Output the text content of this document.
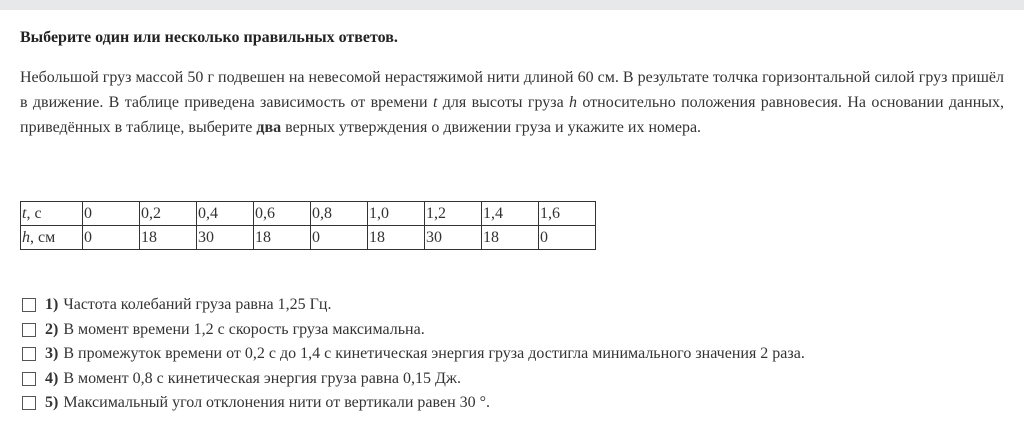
Выберите один или несколько правильных ответов.
Небольшой груз массой 50 г подвешен на невесомой нерастяжимой нити длиной 60 см. В результате толчка горизонтальной силой груз пришёл в движение. В таблице приведена зависимость от времени t для высоты груза h относительно положения равновесия. На основании данных, приведённых в таблице, выберите два верных утверждения о движении груза и укажите их номера.
t, с	0	0,2	0,4	0,6	0,8	1,0	1,2	1,4	1,6
h, см	0	18	30	18	0	18	30	18	0
1) Частота колебаний груза равна 1,25 Гц.
2) В момент времени 1,2 с скорость груза максимальна.
3) В промежуток времени от 0,2 с до 1,4 с кинетическая энергия груза достигла минимального значения 2 раза.
4) В момент 0,8 с кинетическая энергия груза равна 0,15 Дж.
5) Максимальный угол отклонения нити от вертикали равен 30 °.
